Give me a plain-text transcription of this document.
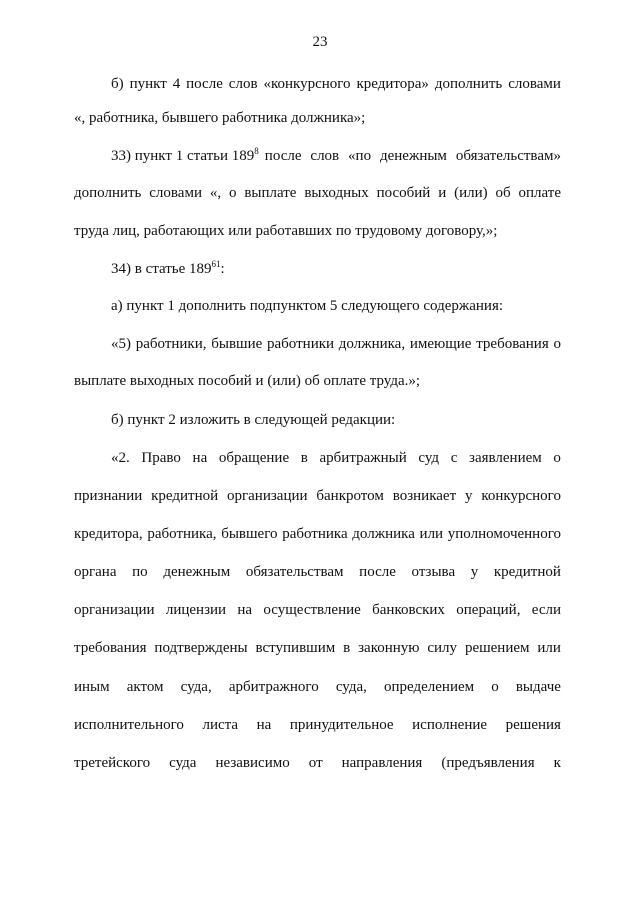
23
б) пункт 4 после слов «конкурсного кредитора» дополнить словами
«, работника, бывшего работника должника»;
33) пункт 1 статьи $189^8$ после слов «по денежным обязательствам»
дополнить словами «, о выплате выходных пособий и (или) об оплате
труда лиц, работающих или работавших по трудовому договору,»;
34) в статье $189^{61}$:
а) пункт 1 дополнить подпунктом 5 следующего содержания:
«5) работники, бывшие работники должника, имеющие требования о
выплате выходных пособий и (или) об оплате труда.»;
б) пункт 2 изложить в следующей редакции:
«2. Право на обращение в арбитражный суд с заявлением о
признании кредитной организации банкротом возникает у конкурсного
кредитора, работника, бывшего работника должника или уполномоченного
органа по денежным обязательствам после отзыва у кредитной
организации лицензии на осуществление банковских операций, если
требования подтверждены вступившим в законную силу решением или
иным актом суда, арбитражного суда, определением о выдаче
исполнительного листа на принудительное исполнение решения
третейского суда независимо от направления (предъявления к
